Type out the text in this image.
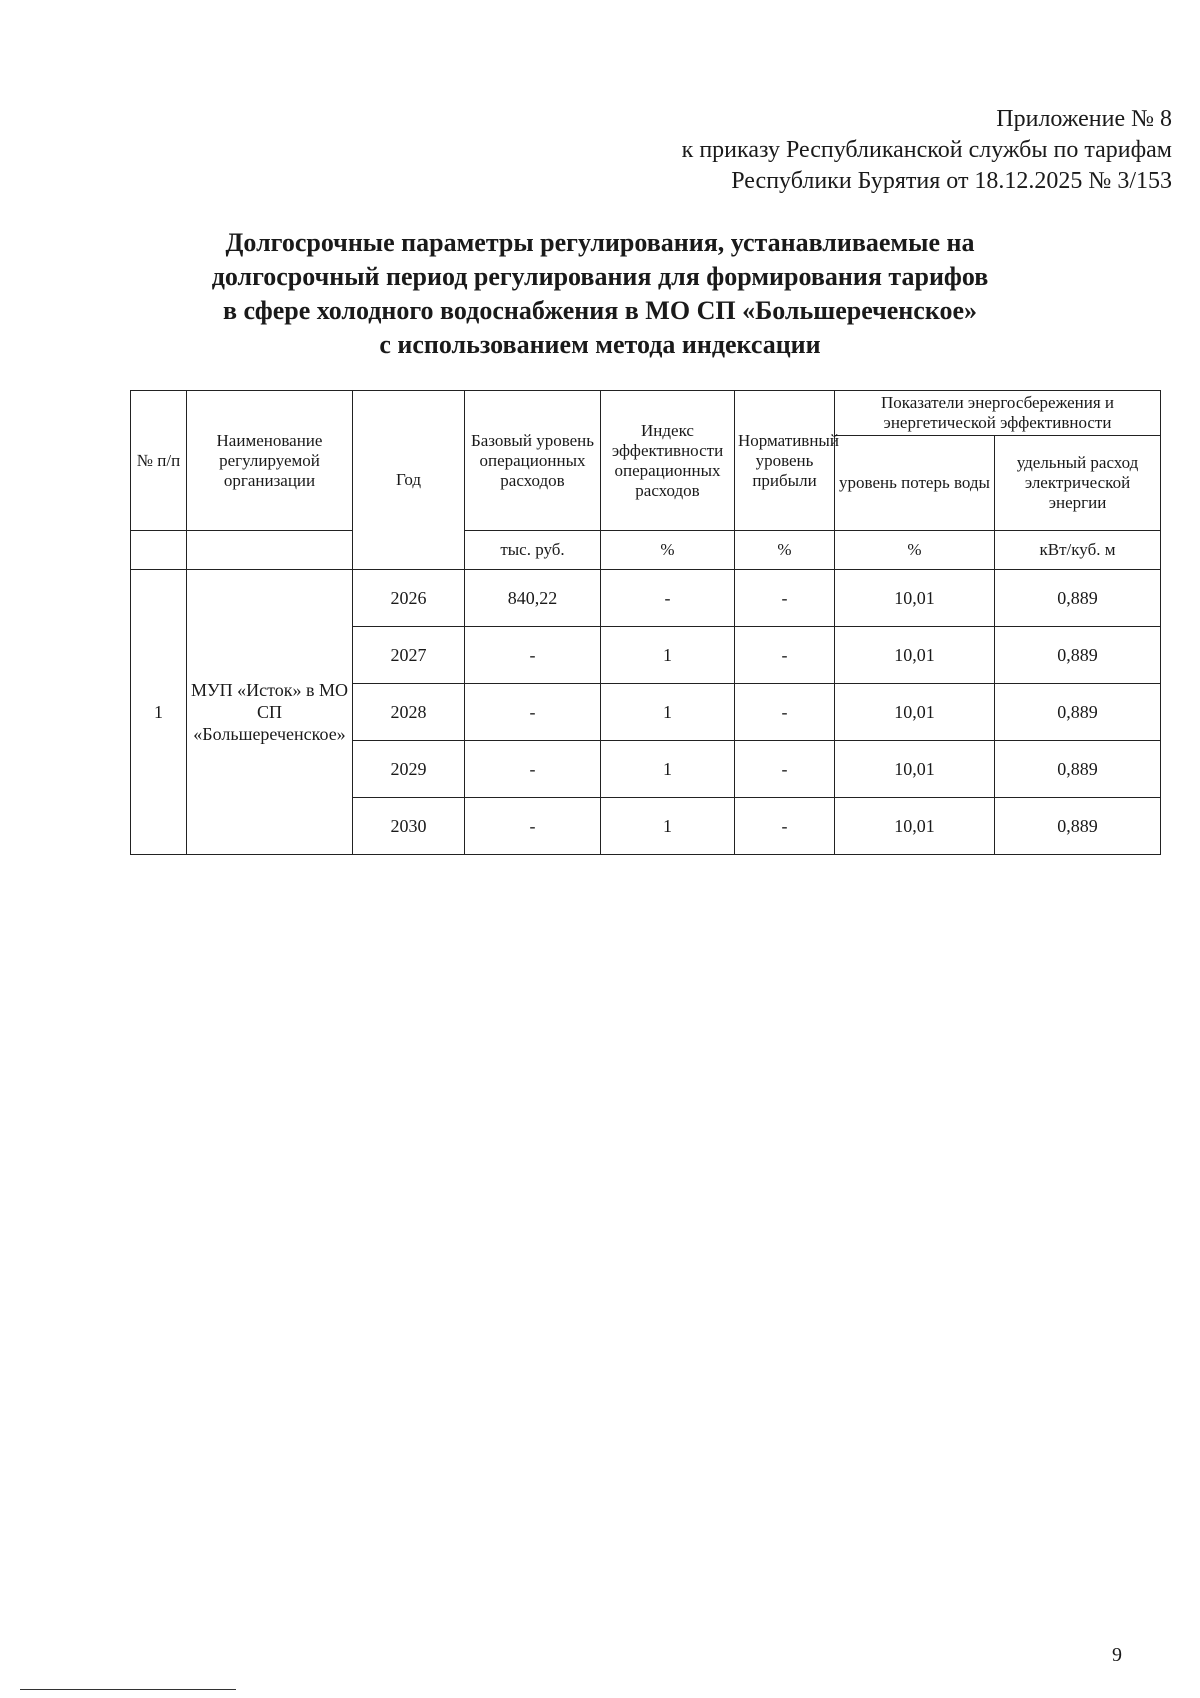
Приложение № 8
к приказу Республиканской службы по тарифам
Республики Бурятия от 18.12.2025 № 3/153
Долгосрочные параметры регулирования, устанавливаемые на
долгосрочный период регулирования для формирования тарифов
в сфере холодного водоснабжения в МО СП «Большереченское»
с использованием метода индексации
№ п/п	Наименование регулируемой организации	Год	Базовый уровень операционных расходов	Индекс эффективности операционных расходов	Нормативный уровень прибыли	Показатели энергосбережения и энергетической эффективности	
						уровень потерь воды	удельный расход электрической энергии
			тыс. руб.	%	%	%	кВт/куб. м
1	МУП «Исток» в МО СП «Большереченское»	2026	840,22	-	-	10,01	0,889
		2027	-	1	-	10,01	0,889
		2028	-	1	-	10,01	0,889
		2029	-	1	-	10,01	0,889
		2030	-	1	-	10,01	0,889
9
